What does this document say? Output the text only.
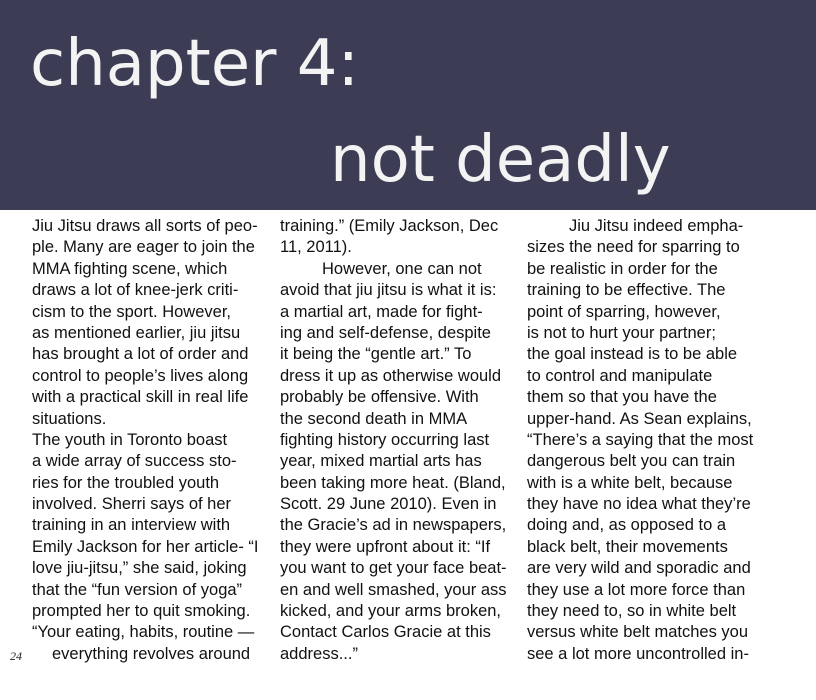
chapter 4:
not deadly
Jiu Jitsu draws all sorts of peo-
ple. Many are eager to join the
MMA fighting scene, which
draws a lot of knee-jerk criti-
cism to the sport. However,
as mentioned earlier, jiu jitsu
has brought a lot of order and
control to people’s lives along
with a practical skill in real life
situations.
The youth in Toronto boast
a wide array of success sto-
ries for the troubled youth
involved. Sherri says of her
training in an interview with
Emily Jackson for her article- “I
love jiu-jitsu,” she said, joking
that the “fun version of yoga”
prompted her to quit smoking.
“Your eating, habits, routine —
everything revolves around
training.” (Emily Jackson, Dec
11, 2011).
However, one can not
avoid that jiu jitsu is what it is:
a martial art, made for fight-
ing and self-defense, despite
it being the “gentle art.” To
dress it up as otherwise would
probably be offensive. With
the second death in MMA
fighting history occurring last
year, mixed martial arts has
been taking more heat. (Bland,
Scott. 29 June 2010). Even in
the Gracie’s ad in newspapers,
they were upfront about it: “If
you want to get your face beat-
en and well smashed, your ass
kicked, and your arms broken,
Contact Carlos Gracie at this
address...”
Jiu Jitsu indeed empha-
sizes the need for sparring to
be realistic in order for the
training to be effective. The
point of sparring, however,
is not to hurt your partner;
the goal instead is to be able
to control and manipulate
them so that you have the
upper-hand. As Sean explains,
“There’s a saying that the most
dangerous belt you can train
with is a white belt, because
they have no idea what they’re
doing and, as opposed to a
black belt, their movements
are very wild and sporadic and
they use a lot more force than
they need to, so in white belt
versus white belt matches you
see a lot more uncontrolled in-
24
